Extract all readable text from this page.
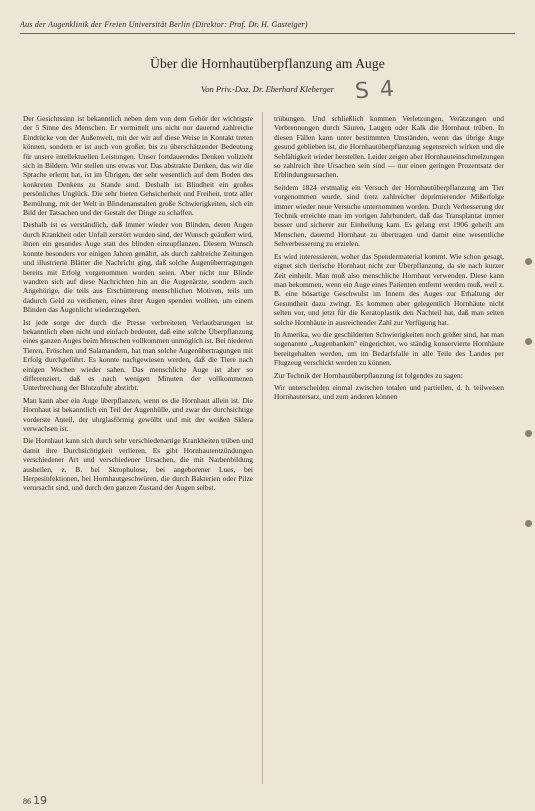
Aus der Augenklinik der Freien Universität Berlin (Direktor: Prof. Dr. H. Gasteiger)
Über die Hornhautüberpflanzung am Auge
Von Priv.-Doz. Dr. Eberhard Kleberger S 4

Der Gesichtssinn ist bekanntlich neben dem von dem Gehör der wichtigste der 5 Sinne des Menschen. Er vermittelt uns nicht nur dauernd zahlreiche Eindrücke von der Außenwelt, mit der wir auf diese Weise in Kontakt treten können, sondern er ist auch von großer, bis zu überschätzender Bedeutung für unsere intellektuellen Leistungen. Unser fortdauerndes Denken vollzieht sich in Bildern. Wir stellen uns etwas vor. Das abstrakte Denken, das wir die Sprache erlernt hat, ist im Übrigen, der sehr wesentlich auf dem Boden des konkreten Denkens zu Stande sind. Deshalb ist Blindheit ein großes persönliches Unglück. Die sehr bieten Gehsicherheit und Freiheit, trotz aller Bemühung, mit der Welt in Blindenanstalten große Schwierigkeiten, sich ein Bild der Tatsachen und der Gestalt der Dinge zu schaffen.

Deshalb ist es verständlich, daß immer wieder von Blinden, deren Augen durch Krankheit oder Unfall zerstört wurden sind, der Wunsch geäußert wird, ihnen ein gesundes Auge statt des blinden einzupflanzen. Diesem Wunsch konnte besonders vor einigen Jahren genährt, als durch zahlreiche Zeitungen und illustrierte Blätter die Nachricht ging, daß solche Augenübertragungen bereits mit Erfolg vorgenommen worden seien. Aber nicht nur Blinde wandten sich auf diese Nachrichten hin an die Augenärzte, sondern auch Angehörige, die teils aus Erschütterung menschlichen Motiven, teils um dadurch Geld zu verdienen, eines ihrer Augen spenden wollten, um einem Blinden das Augenlicht wiederzugeben.

Ist jede sorge der durch die Presse verbreiteten Verlautbarungen ist bekanntlich eben nicht und einfach bedeutet, daß eine solche Überpflanzung eines ganzen Auges beim Menschen vollkommen unmöglich ist. Bei niederen Tieren, Fröschen und Salamandern, hat man solche Augenübertragungen mit Erfolg durchgeführt. Es konnte nachgewiesen werden, daß die Tiere nach einigen Wochen wieder sahen. Das menschliche Auge ist aber so differenziert, daß es nach wenigen Minuten der vollkommenen Unterbrechung der Blutzufuhr abstirbt.

Man kann aber ein Auge überpflanzen, wenn es die Hornhaut allein ist. Die Hornhaut ist bekanntlich ein Teil der Augenhülle, und zwar der durchsichtige vorderste Anteil, der uhrglasförmig gewölbt und mit der weißen Sklera verwachsen ist.

Die Hornhaut kann sich durch sehr verschiedenartige Krankheiten trüben und damit ihre Durchsichtigkeit verlieren. Es gibt Hornhautentzündungen verschiedener Art und verschiedener Ursachen, die mit Narbenbildung ausheilen, z. B. bei Skrophulose, bei angeborener Lues, bei Herpesinfektionen, bei Hornhautgeschwüren, die durch Bakterien oder Pilze verursacht sind, und durch den ganzen Zustand der Augen selbst.

trübungen. Und schließlich kommen Verletzungen, Verätzungen und Verbrennungen durch Säuren, Laugen oder Kalk die Hornhaut trüben. In diesen Fällen kann unter bestimmten Umständen, wenn das übrige Auge gesund geblieben ist, die Hornhautüberpflanzung segensreich wirken und die Sehfähigkeit wieder herstellen. Leider zeigen aber Hornhauteinschmelzungen so zahlreich ihre Ursachen sein sind — nur einen geringen Prozentsatz der Erblindungsursachen.

Seitdem 1824 erstmalig ein Versuch der Hornhautüberpflanzung am Tier vorgenommen wurde, sind trotz zahlreicher deprimierender Mißerfolge immer wieder neue Versuche unternommen worden. Durch Verbesserung der Technik erreichte man im vorigen Jahrhundert, daß das Transplantat immer besser und sicherer zur Einheilung kam. Es gelang erst 1906 geheilt am Menschen, dauernd Hornhaut zu übertragen und damit eine wesentliche Sehverbesserung zu erzielen.

Es wird interessieren, woher das Spendermaterial kommt. Wie schon gesagt, eignet sich tierische Hornhaut nicht zur Überpflanzung, da sie nach kurzer Zeit einheilt. Man muß also menschliche Hornhaut verwenden. Diese kann man bekommen, wenn ein Auge eines Patienten entfernt werden muß, weil z. B. eine bösartige Geschwulst im Innern des Auges zur Erhaltung der Gesundheit dazu zwingt. Es kommen aber gelegentlich Hornhäute nicht selten vor, und jetzt für die Keratoplastik den Nachteil hat, daß man selten solche Hornhäute in ausreichender Zahl zur Verfügung hat.

In Amerika, wo die geschilderten Schwierigkeiten noch größer sind, hat man sogenannte „Augenbanken" eingerichtet, wo ständig konservierte Hornhäute bereitgehalten werden, um im Bedarfsfalle in alle Teile des Landes per Flugzeug verschickt werden zu können.

Zur Technik der Hornhautüberpflanzung ist folgendes zu sagen:

Wir unterscheiden einmal zwischen totalen und partiellen, d. h. teilweisen Hornhautersatz, und zum anderen können

86 19
